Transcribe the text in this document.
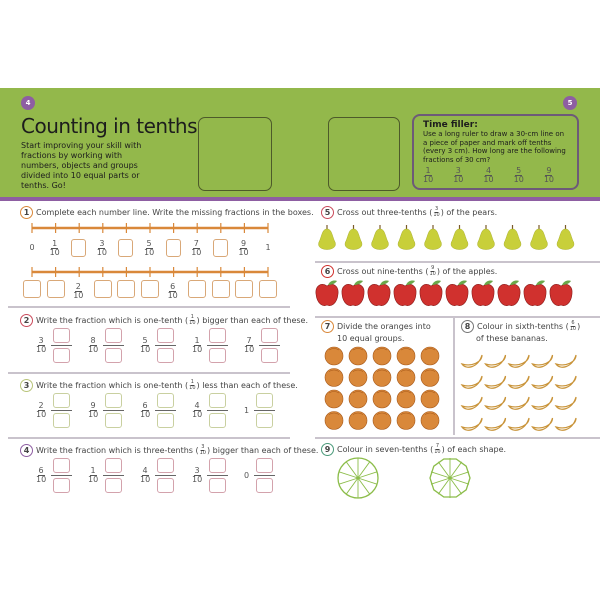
4	5
Counting in tenths
Start improving your skill with fractions by working with numbers, objects and groups divided into 10 equal parts or tenths. Go!
Time filler:
Use a long ruler to draw a 30-cm line on a piece of paper and mark off tenths (every 3 cm). How long are the following fractions of 30 cm?
$\frac{1}{10}$	$\frac{3}{10}$	$\frac{4}{10}$	$\frac{5}{10}$	$\frac{9}{10}$
1 Complete each number line. Write the missing fractions in the boxes.
$0 \frac{1}{10}$	$\frac{3}{10}$	$\frac{5}{10}$	$\frac{7}{10}$	$\frac{9}{10} 1$
$\frac{2}{10}$	$\frac{6}{10}$
2 Write the fraction which is one-tenth ( $\frac{1}{10}$ ) bigger than each of these.
$\frac{3}{10}$	$\frac{8}{10}$	$\frac{5}{10}$	$\frac{1}{10}$	$\frac{7}{10}$
3 Write the fraction which is one-tenth ( $\frac{1}{10}$ ) less than each of these.
$\frac{2}{10}$	$\frac{9}{10}$	$\frac{6}{10}$	$\frac{4}{10}$	1
4 Write the fraction which is three-tenths ( $\frac{3}{10}$ ) bigger than each of these.
$\frac{6}{10}$	$\frac{1}{10}$	$\frac{4}{10}$	$\frac{3}{10}$	0
5 Cross out three-tenths ( $\frac{3}{10}$ ) of the pears.
6 Cross out nine-tenths ( $\frac{9}{10}$ ) of the apples.
7 Divide the oranges into
10 equal groups.
8 Colour in sixth-tenths ( $\frac{6}{10}$ )
of these bananas.
9 Colour in seven-tenths ( $\frac{7}{10}$ ) of each shape.
